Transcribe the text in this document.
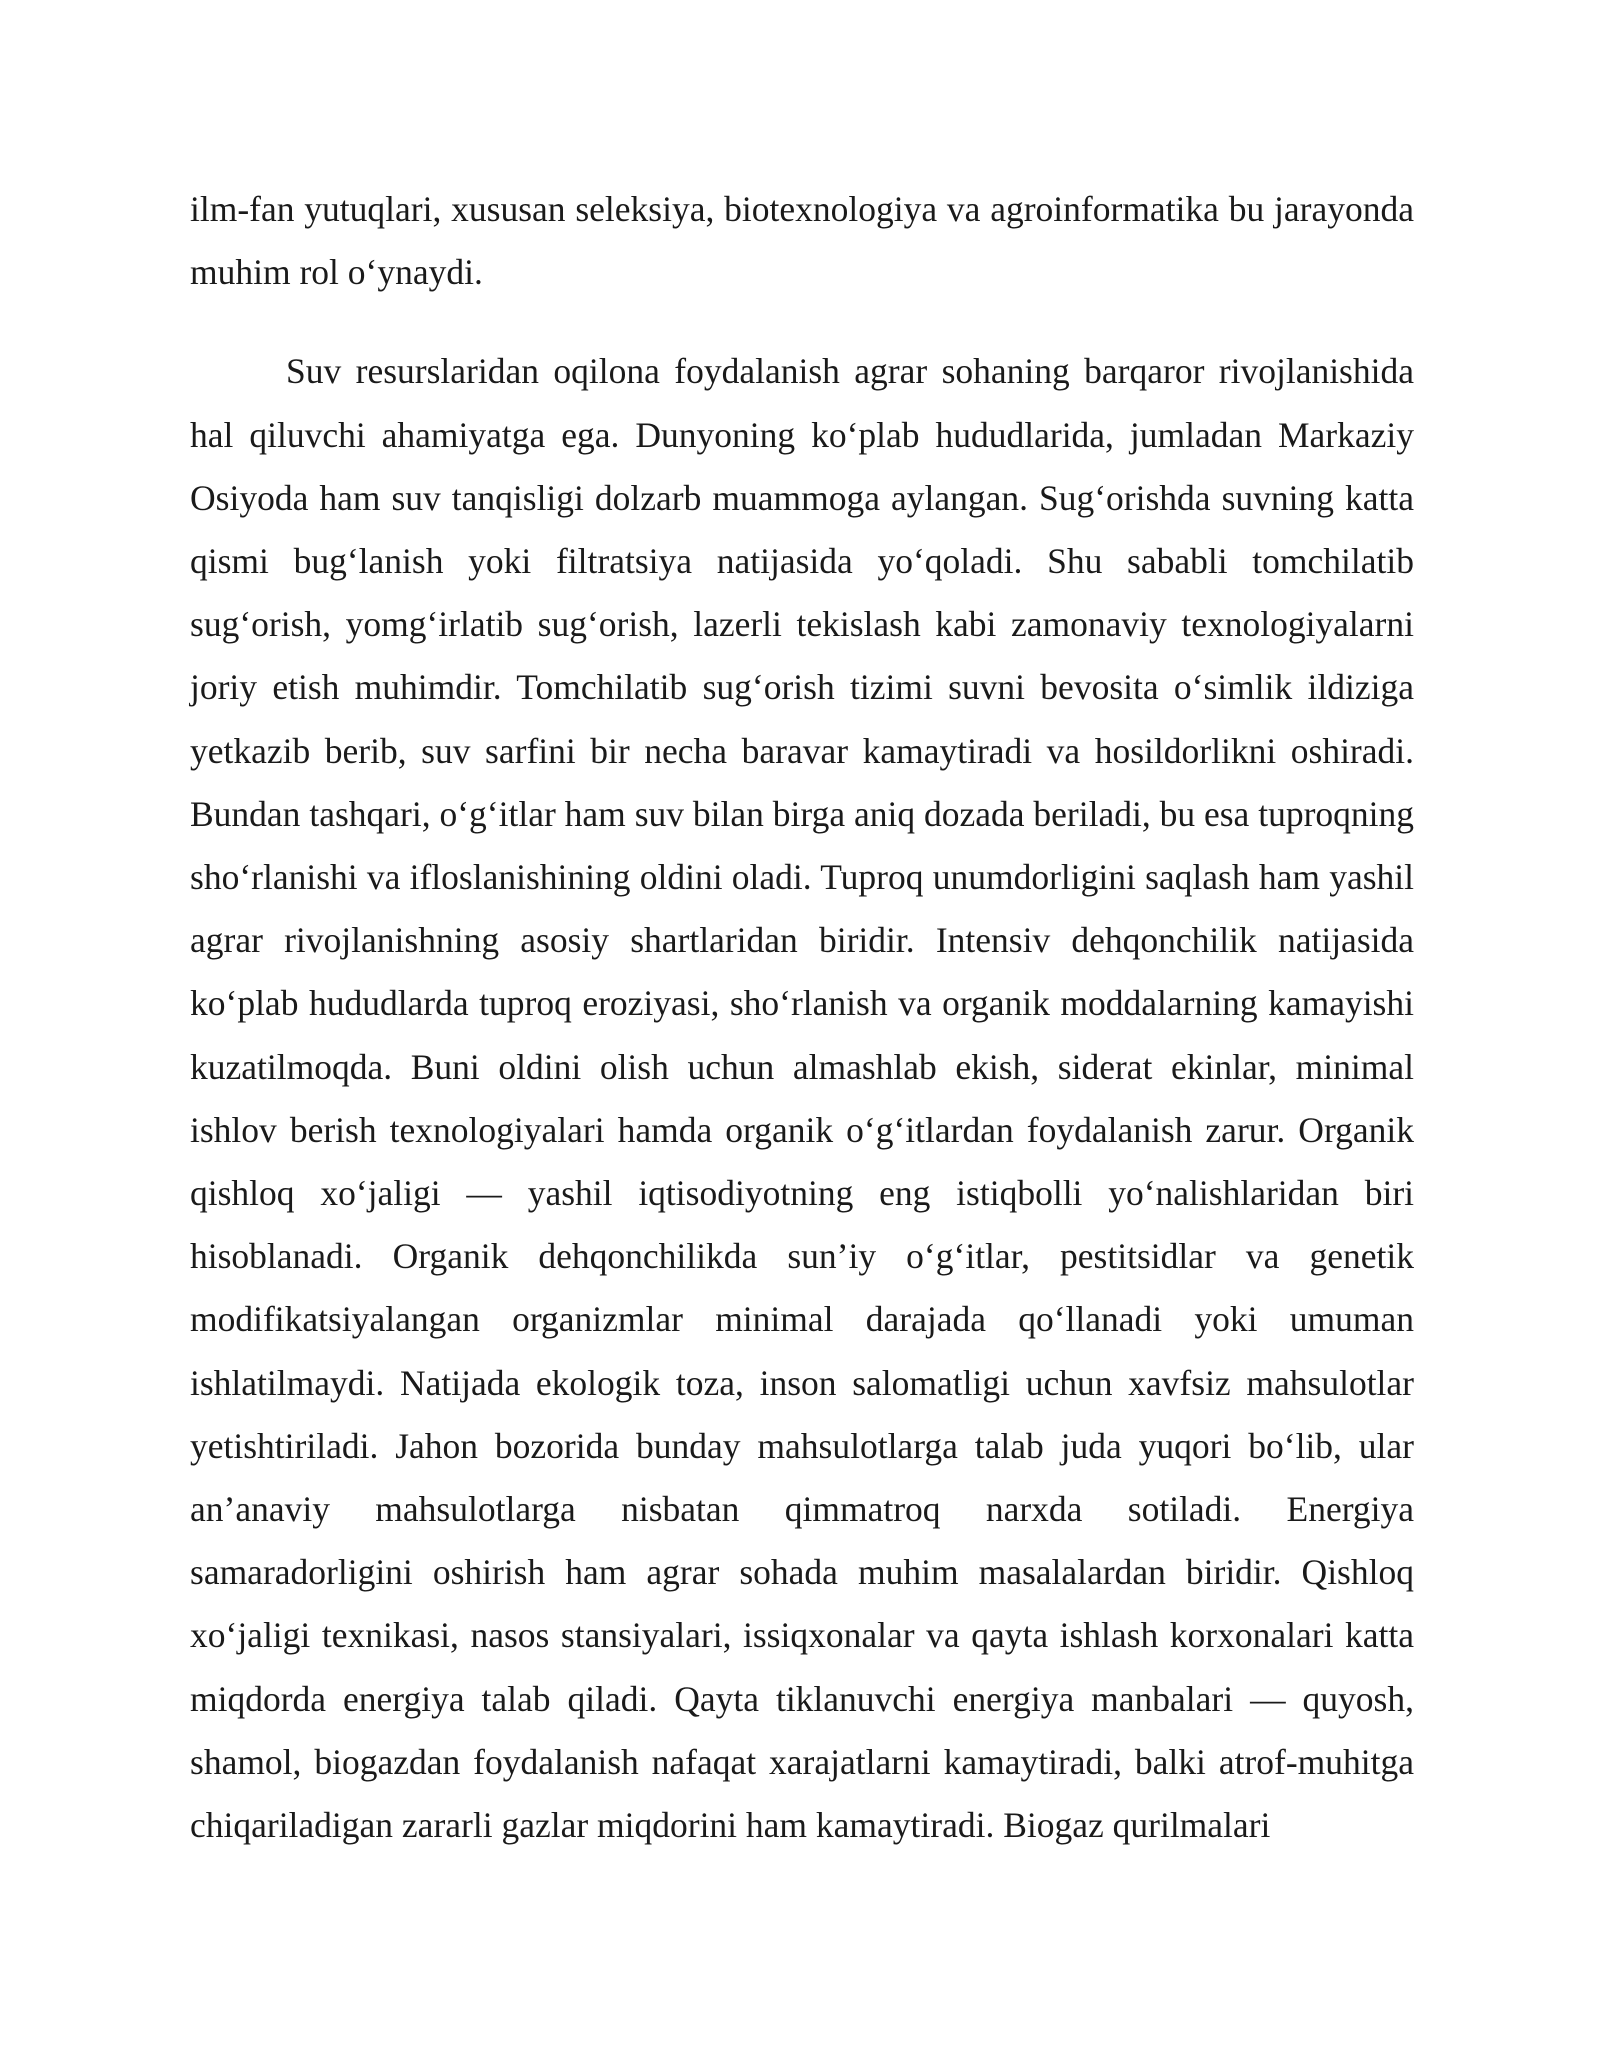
ilm-fan yutuqlari, xususan seleksiya, biotexnologiya va agroinformatika bu jarayonda muhim rol o‘ynaydi.

Suv resurslaridan oqilona foydalanish agrar sohaning barqaror rivojlanishida hal qiluvchi ahamiyatga ega. Dunyoning ko‘plab hududlarida, jumladan Markaziy Osiyoda ham suv tanqisligi dolzarb muammoga aylangan. Sug‘orishda suvning katta qismi bug‘lanish yoki filtratsiya natijasida yo‘qoladi. Shu sababli tomchilatib sug‘orish, yomg‘irlatib sug‘orish, lazerli tekislash kabi zamonaviy texnologiyalarni joriy etish muhimdir. Tomchilatib sug‘orish tizimi suvni bevosita o‘simlik ildiziga yetkazib berib, suv sarfini bir necha baravar kamaytiradi va hosildorlikni oshiradi. Bundan tashqari, o‘g‘itlar ham suv bilan birga aniq dozada beriladi, bu esa tuproqning sho‘rlanishi va ifloslanishining oldini oladi. Tuproq unumdorligini saqlash ham yashil agrar rivojlanishning asosiy shartlaridan biridir. Intensiv dehqonchilik natijasida ko‘plab hududlarda tuproq eroziyasi, sho‘rlanish va organik moddalarning kamayishi kuzatilmoqda. Buni oldini olish uchun almashlab ekish, siderat ekinlar, minimal ishlov berish texnologiyalari hamda organik o‘g‘itlardan foydalanish zarur. Organik qishloq xo‘jaligi — yashil iqtisodiyotning eng istiqbolli yo‘nalishlaridan biri hisoblanadi. Organik dehqonchilikda sun’iy o‘g‘itlar, pestitsidlar va genetik modifikatsiyalangan organizmlar minimal darajada qo‘llanadi yoki umuman ishlatilmaydi. Natijada ekologik toza, inson salomatligi uchun xavfsiz mahsulotlar yetishtiriladi. Jahon bozorida bunday mahsulotlarga talab juda yuqori bo‘lib, ular an’anaviy mahsulotlarga nisbatan qimmatroq narxda sotiladi. Energiya samaradorligini oshirish ham agrar sohada muhim masalalardan biridir. Qishloq xo‘jaligi texnikasi, nasos stansiyalari, issiqxonalar va qayta ishlash korxonalari katta miqdorda energiya talab qiladi. Qayta tiklanuvchi energiya manbalari — quyosh, shamol, biogazdan foydalanish nafaqat xarajatlarni kamaytiradi, balki atrof-muhitga chiqariladigan zararli gazlar miqdorini ham kamaytiradi. Biogaz qurilmalari
